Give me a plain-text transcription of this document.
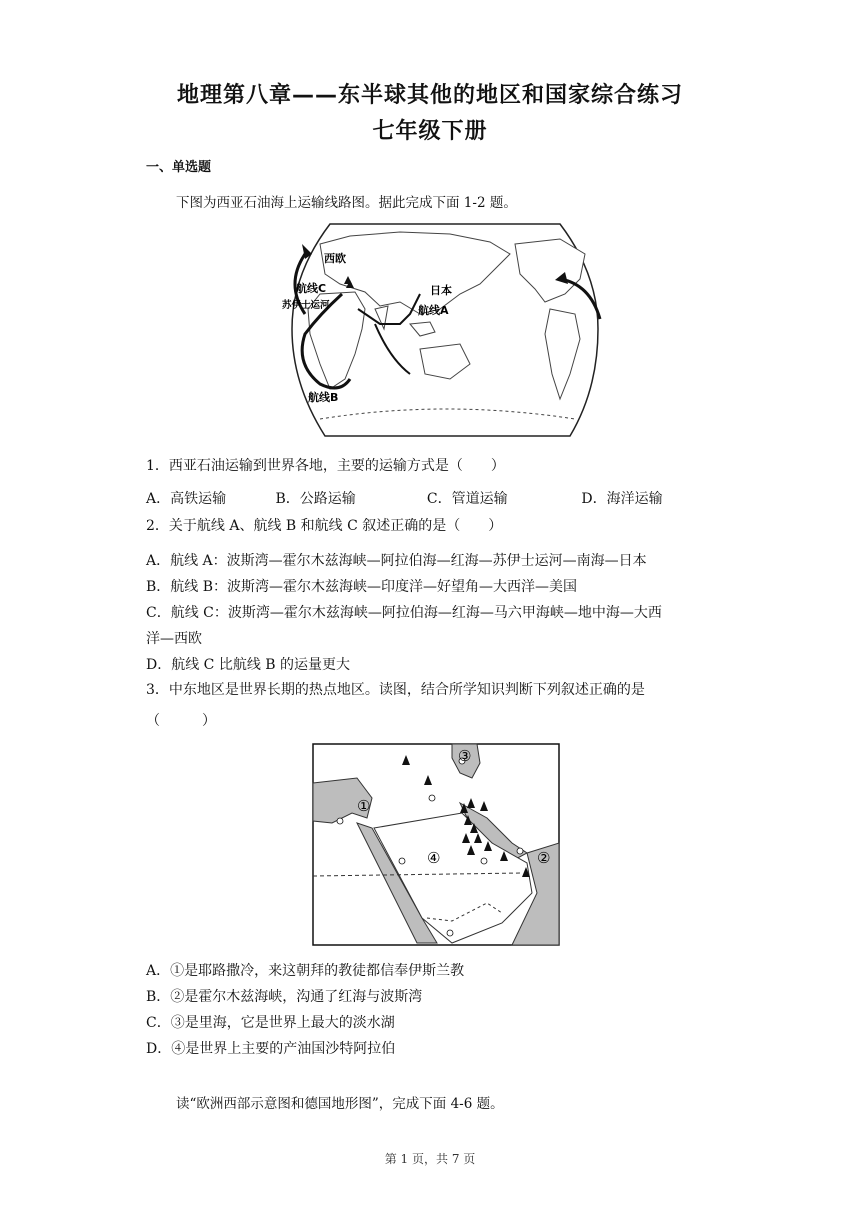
地理第八章——东半球其他的地区和国家综合练习
七年级下册
一、单选题
下图为西亚石油海上运输线路图。据此完成下面 1-2 题。
西欧
航线C
苏伊士运河
日本
航线A
航线B
1．西亚石油运输到世界各地，主要的运输方式是（　　）
A．高铁运输	B．公路运输	C．管道运输	D．海洋运输
2．关于航线 A、航线 B 和航线 C 叙述正确的是（　　）
A．航线 A：波斯湾—霍尔木兹海峡—阿拉伯海—红海—苏伊士运河—南海—日本
B．航线 B：波斯湾—霍尔木兹海峡—印度洋—好望角—大西洋—美国
C．航线 C：波斯湾—霍尔木兹海峡—阿拉伯海—红海—马六甲海峡—地中海—大西
洋—西欧
D．航线 C 比航线 B 的运量更大
3．中东地区是世界长期的热点地区。读图，结合所学知识判断下列叙述正确的是
（　　　）
①
②
③
④
A．①是耶路撒冷，来这朝拜的教徒都信奉伊斯兰教
B．②是霍尔木兹海峡，沟通了红海与波斯湾
C．③是里海，它是世界上最大的淡水湖
D．④是世界上主要的产油国沙特阿拉伯
读“欧洲西部示意图和德国地形图”，完成下面 4-6 题。
第 1 页，共 7 页
